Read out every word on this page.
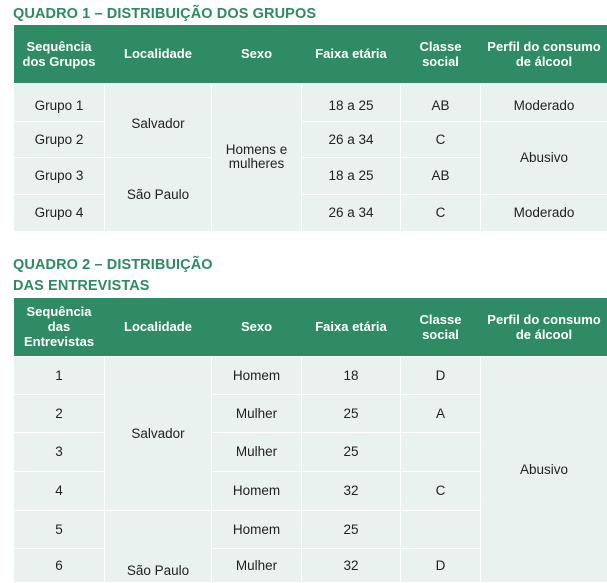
QUADRO 1 – DISTRIBUIÇÃO DOS GRUPOS
Sequência dos Grupos	Localidade	Sexo	Faixa etária	Classe social	Perfil do consumo de álcool
Grupo 1	Salvador	Homens e mulheres	18 a 25	AB	Moderado
Grupo 2			26 a 34	C	Abusivo
Grupo 3	São Paulo		18 a 25	AB	
Grupo 4			26 a 34	C	Moderado
QUADRO 2 – DISTRIBUIÇÃO
DAS ENTREVISTAS
Sequência das Entrevistas	Localidade	Sexo	Faixa etária	Classe social	Perfil do consumo de álcool
1	Salvador	Homem	18	D	Abusivo
2		Mulher	25	A	
3		Mulher	25		
4		Homem	32	C	
5	São Paulo	Homem	25		
6		Mulher	32	D	
